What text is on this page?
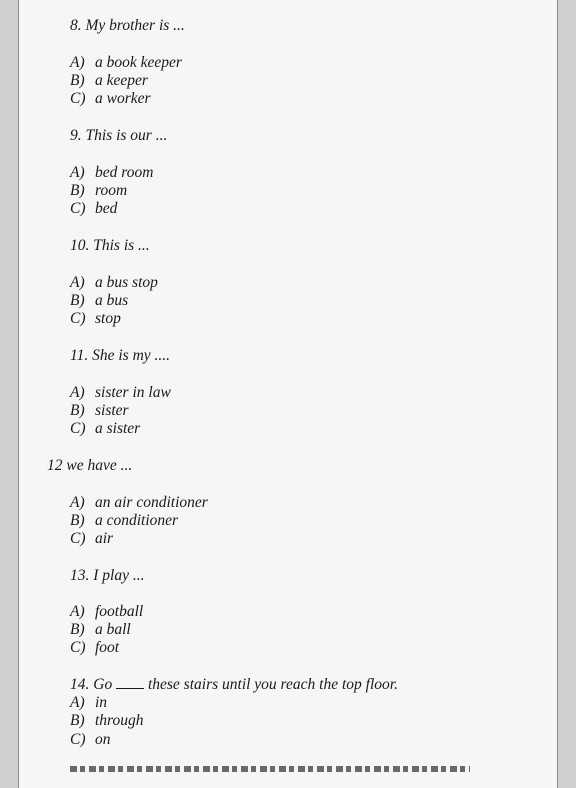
8. My brother is ...
A) a book keeper
B) a keeper
C) a worker
9. This is our ...
A) bed room
B) room
C) bed
10. This is ...
A) a bus stop
B) a bus
C) stop
11. She is my ....
A) sister in law
B) sister
C) a sister
12 we have ...
A) an air conditioner
B) a conditioner
C) air
13. I play ...
A) football
B) a ball
C) foot
14. Go  these stairs until you reach the top floor.
A) in
B) through
C) on
